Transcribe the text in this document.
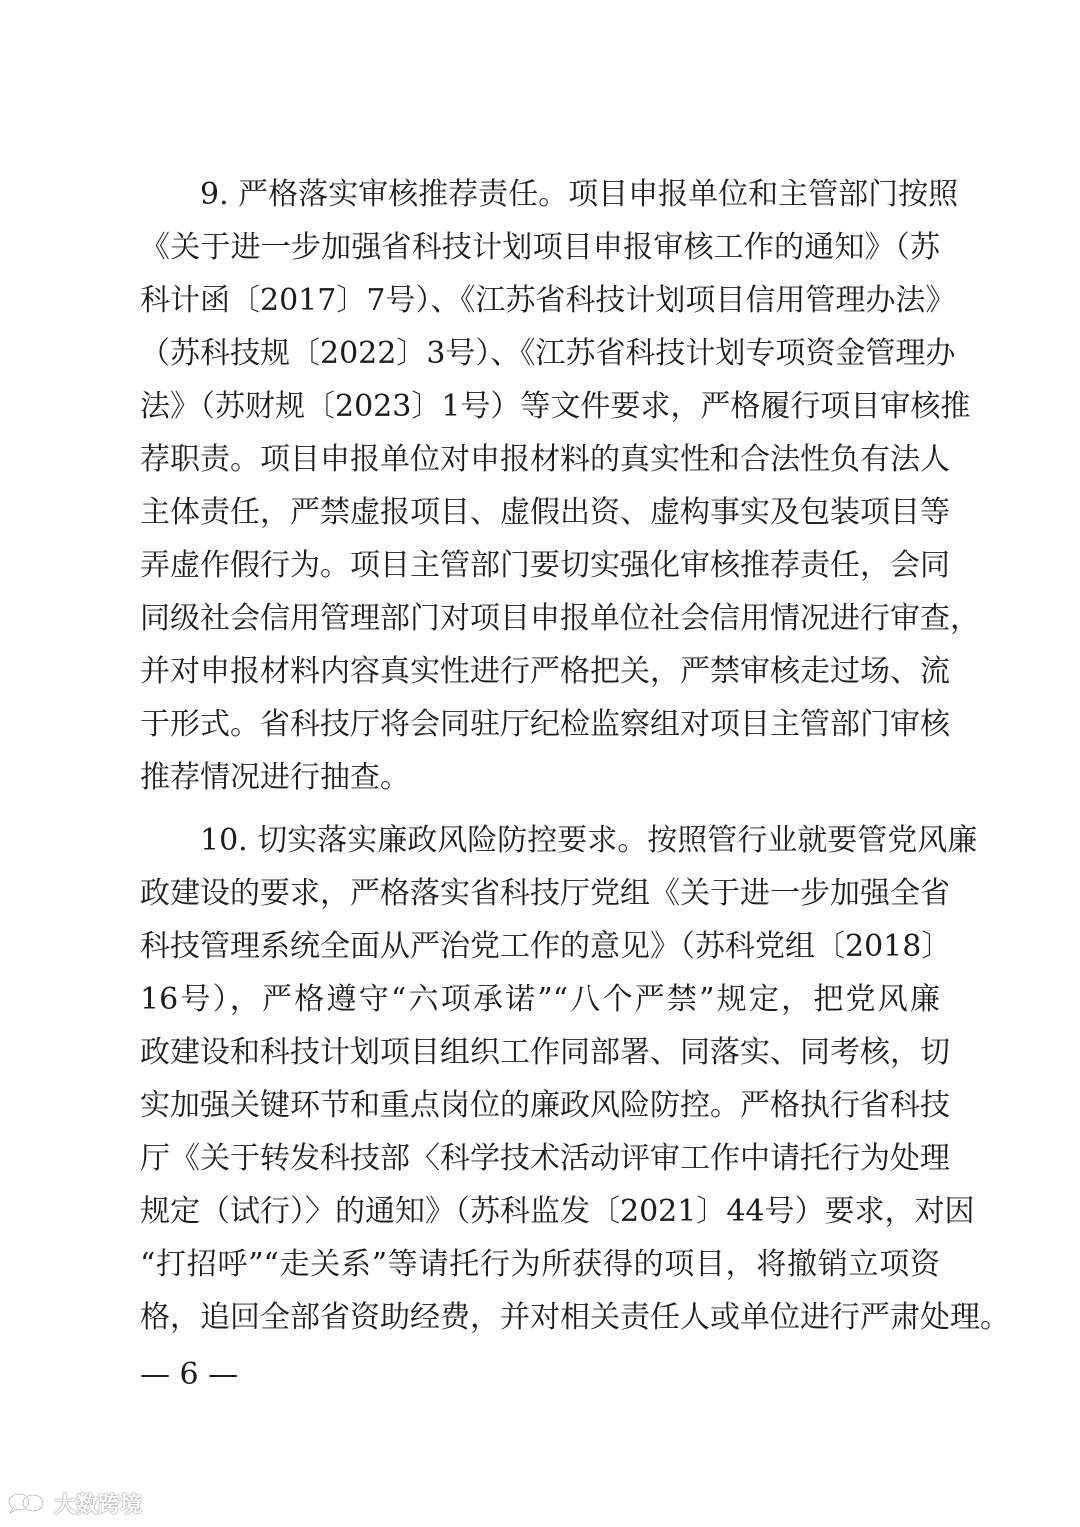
9. 严格落实审核推荐责任。项目申报单位和主管部门按照
《关于进一步加强省科技计划项目申报审核工作的通知》（苏
科计函〔2017〕7号）、《江苏省科技计划项目信用管理办法》
（苏科技规〔2022〕3号）、《江苏省科技计划专项资金管理办
法》（苏财规〔2023〕1号）等文件要求，严格履行项目审核推
荐职责。项目申报单位对申报材料的真实性和合法性负有法人
主体责任，严禁虚报项目、虚假出资、虚构事实及包装项目等
弄虚作假行为。项目主管部门要切实强化审核推荐责任，会同
同级社会信用管理部门对项目申报单位社会信用情况进行审查，
并对申报材料内容真实性进行严格把关，严禁审核走过场、流
于形式。省科技厅将会同驻厅纪检监察组对项目主管部门审核
推荐情况进行抽查。
10. 切实落实廉政风险防控要求。按照管行业就要管党风廉
政建设的要求，严格落实省科技厅党组《关于进一步加强全省
科技管理系统全面从严治党工作的意见》（苏科党组〔2018〕
16号），严格遵守“六项承诺”“八个严禁”规定，把党风廉
政建设和科技计划项目组织工作同部署、同落实、同考核，切
实加强关键环节和重点岗位的廉政风险防控。严格执行省科技
厅《关于转发科技部〈科学技术活动评审工作中请托行为处理
规定（试行）〉的通知》（苏科监发〔2021〕44号）要求，对因
“打招呼”“走关系”等请托行为所获得的项目，将撤销立项资
格，追回全部省资助经费，并对相关责任人或单位进行严肃处理。
— 6 —
大数跨境
